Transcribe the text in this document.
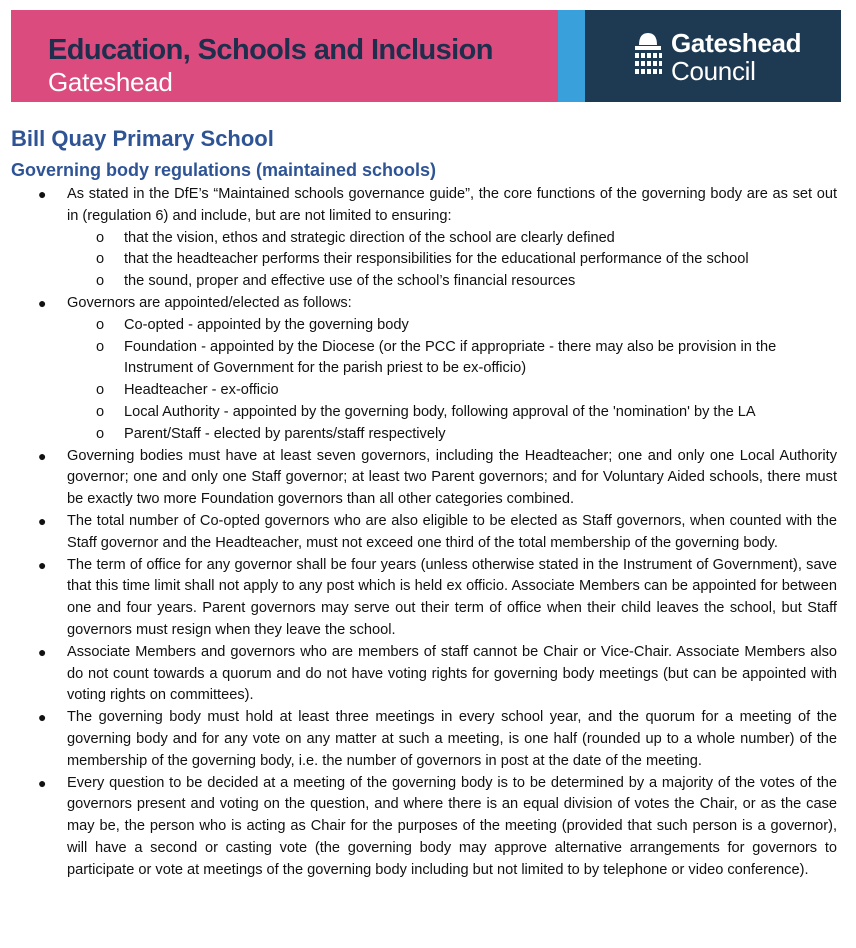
Education, Schools and Inclusion
Gateshead
Gateshead
Council
Bill Quay Primary School
Governing body regulations (maintained schools)
● As stated in the DfE’s “Maintained schools governance guide”, the core functions of the governing body are as set out in (regulation 6) and include, but are not limited to ensuring:
o that the vision, ethos and strategic direction of the school are clearly defined
o that the headteacher performs their responsibilities for the educational performance of the school
o the sound, proper and effective use of the school’s financial resources
● Governors are appointed/elected as follows:
o Co-opted - appointed by the governing body
o Foundation - appointed by the Diocese (or the PCC if appropriate - there may also be provision in the Instrument of Government for the parish priest to be ex-officio)
o Headteacher - ex-officio
o Local Authority - appointed by the governing body, following approval of the 'nomination' by the LA
o Parent/Staff - elected by parents/staff respectively
● Governing bodies must have at least seven governors, including the Headteacher; one and only one Local Authority governor; one and only one Staff governor; at least two Parent governors; and for Voluntary Aided schools, there must be exactly two more Foundation governors than all other categories combined.
● The total number of Co-opted governors who are also eligible to be elected as Staff governors, when counted with the Staff governor and the Headteacher, must not exceed one third of the total membership of the governing body.
● The term of office for any governor shall be four years (unless otherwise stated in the Instrument of Government), save that this time limit shall not apply to any post which is held ex officio. Associate Members can be appointed for between one and four years. Parent governors may serve out their term of office when their child leaves the school, but Staff governors must resign when they leave the school.
● Associate Members and governors who are members of staff cannot be Chair or Vice-Chair. Associate Members also do not count towards a quorum and do not have voting rights for governing body meetings (but can be appointed with voting rights on committees).
● The governing body must hold at least three meetings in every school year, and the quorum for a meeting of the governing body and for any vote on any matter at such a meeting, is one half (rounded up to a whole number) of the membership of the governing body, i.e. the number of governors in post at the date of the meeting.
● Every question to be decided at a meeting of the governing body is to be determined by a majority of the votes of the governors present and voting on the question, and where there is an equal division of votes the Chair, or as the case may be, the person who is acting as Chair for the purposes of the meeting (provided that such person is a governor), will have a second or casting vote (the governing body may approve alternative arrangements for governors to participate or vote at meetings of the governing body including but not limited to by telephone or video conference).
